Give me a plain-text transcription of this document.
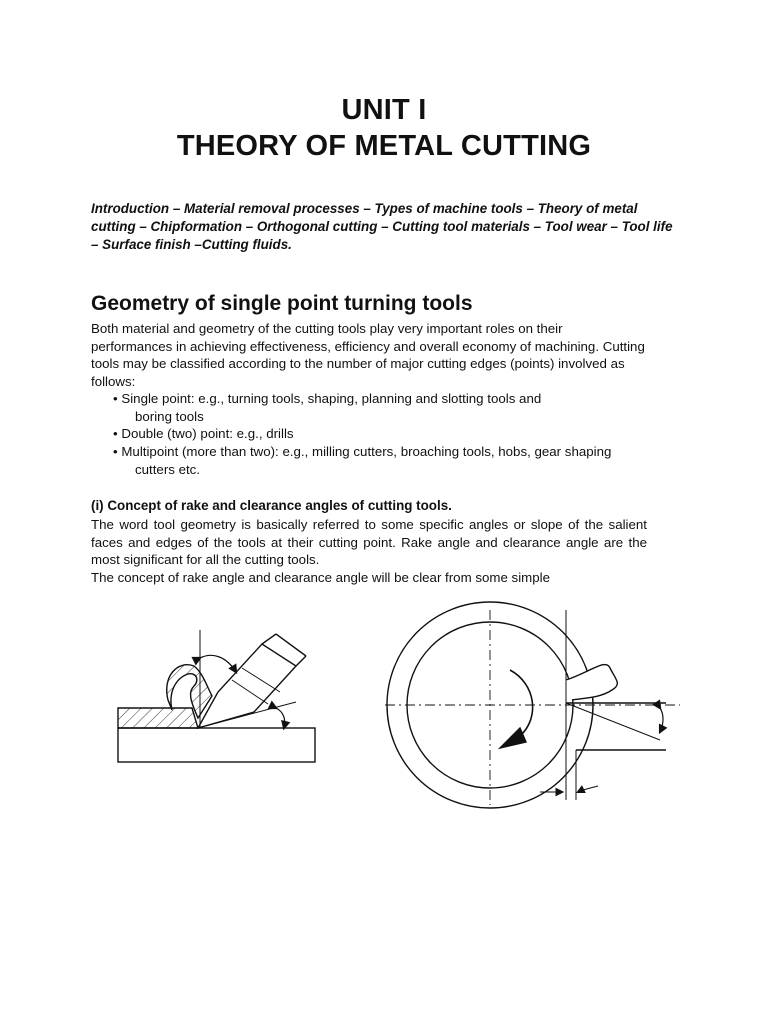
UNIT I
THEORY OF METAL CUTTING
Introduction – Material removal processes – Types of machine tools – Theory of metal cutting – Chipformation – Orthogonal cutting – Cutting tool materials – Tool wear – Tool life – Surface finish –Cutting fluids.
Geometry of single point turning tools
Both material and geometry of the cutting tools play very important roles on their performances in achieving effectiveness, efficiency and overall economy of machining. Cutting tools may be classified according to the number of major cutting edges (points) involved as follows:
• Single point: e.g., turning tools, shaping, planning and slotting tools and
boring tools
• Double (two) point: e.g., drills
• Multipoint (more than two): e.g., milling cutters, broaching tools, hobs, gear shaping
cutters etc.
(i) Concept of rake and clearance angles of cutting tools.
The word tool geometry is basically referred to some specific angles or slope of the salient faces and edges of the tools at their cutting point. Rake angle and clearance angle are the most significant for all the cutting tools.
The concept of rake angle and clearance angle will be clear from some simple
